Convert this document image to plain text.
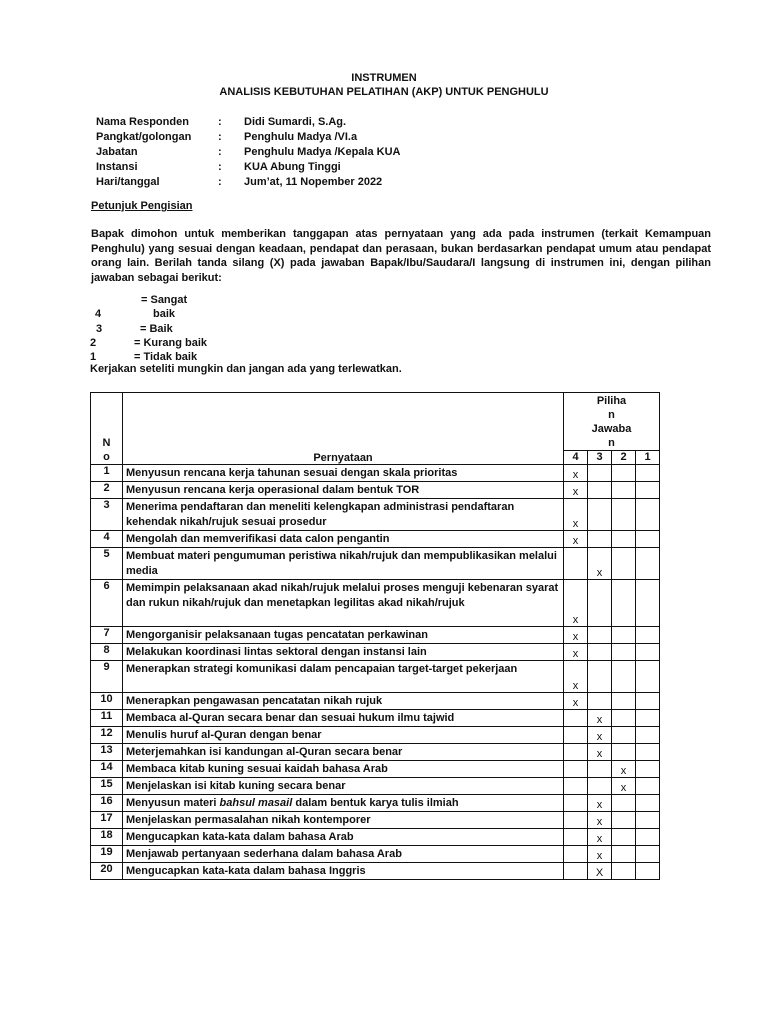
INSTRUMEN
ANALISIS KEBUTUHAN PELATIHAN (AKP) UNTUK PENGHULU
Nama Responden	: Didi Sumardi, S.Ag.
Pangkat/golongan : Penghulu Madya /VI.a
Jabatan	: Penghulu Madya /Kepala KUA
Instansi	: KUA Abung Tinggi
Hari/tanggal	: Jum’at, 11 Nopember 2022
Petunjuk Pengisian
Bapak dimohon untuk memberikan tanggapan atas pernyataan yang ada pada instrumen (terkait Kemampuan Penghulu) yang sesuai dengan keadaan, pendapat dan perasaan, bukan berdasarkan pendapat umum atau pendapat orang lain. Berilah tanda silang (X) pada jawaban Bapak/Ibu/Saudara/I langsung di instrumen ini, dengan pilihan jawaban sebagai berikut:
= Sangat
4	baik
3	= Baik
2	= Kurang baik
1	= Tidak baik
Kerjakan seteliti mungkin dan jangan ada yang terlewatkan.
N
o	Pernyataan	Piliha
n
Jawaba
n			
		4	3	2	1
1	Menyusun rencana kerja tahunan sesuai dengan skala prioritas	x			
2	Menyusun rencana kerja operasional dalam bentuk TOR	x			
3	Menerima pendaftaran dan meneliti kelengkapan administrasi pendaftaran kehendak nikah/rujuk sesuai prosedur	x			
4	Mengolah dan memverifikasi data calon pengantin	x			
5	Membuat materi pengumuman peristiwa nikah/rujuk dan mempublikasikan melalui media		x		
6	Memimpin pelaksanaan akad nikah/rujuk melalui proses menguji kebenaran syarat dan rukun nikah/rujuk dan menetapkan legilitas akad nikah/rujuk	x			
7	Mengorganisir pelaksanaan tugas pencatatan perkawinan	x			
8	Melakukan koordinasi lintas sektoral dengan instansi lain	x			
9	Menerapkan strategi komunikasi dalam pencapaian target-target pekerjaan	x			
10	Menerapkan pengawasan pencatatan nikah rujuk	x			
11	Membaca al-Quran secara benar dan sesuai hukum ilmu tajwid		x		
12	Menulis huruf al-Quran dengan benar		x		
13	Meterjemahkan isi kandungan al-Quran secara benar		x		
14	Membaca kitab kuning sesuai kaidah bahasa Arab			x	
15	Menjelaskan isi kitab kuning secara benar			x	
16	Menyusun materi bahsul masail dalam bentuk karya tulis ilmiah		x		
17	Menjelaskan permasalahan nikah kontemporer		x		
18	Mengucapkan kata-kata dalam bahasa Arab		x		
19	Menjawab pertanyaan sederhana dalam bahasa Arab		x		
20	Mengucapkan kata-kata dalam bahasa Inggris		X		
